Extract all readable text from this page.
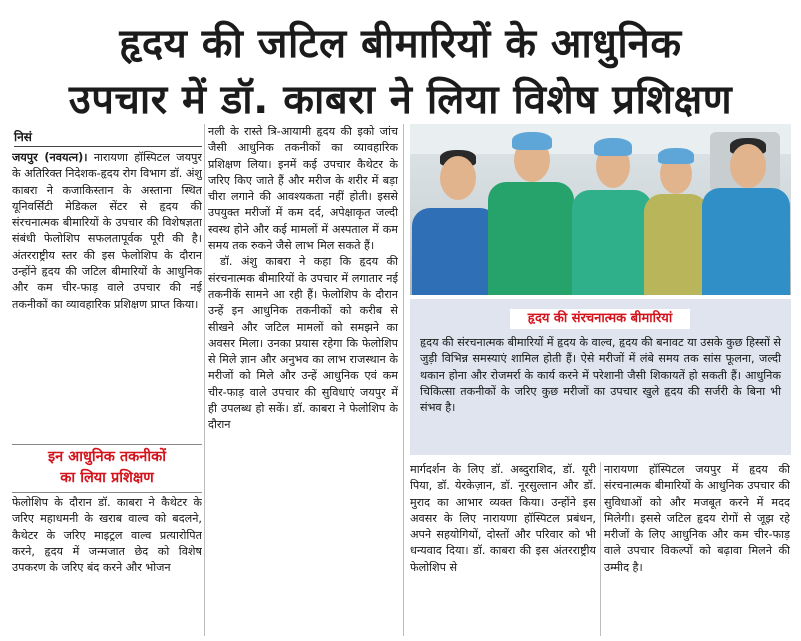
हृदय की जटिल बीमारियों के आधुनिक
उपचार में डॉ. काबरा ने लिया विशेष प्रशिक्षण
निसं

जयपुर (नवयत्न)। नारायणा हॉस्पिटल जयपुर के अतिरिक्त निदेशक-हृदय रोग विभाग डॉ. अंशु काबरा ने कजाकिस्तान के अस्ताना स्थित यूनिवर्सिटी मेडिकल सेंटर से हृदय की संरचनात्मक बीमारियों के उपचार की विशेषज्ञता संबंधी फेलोशिप सफलतापूर्वक पूरी की है। अंतरराष्ट्रीय स्तर की इस फेलोशिप के दौरान उन्होंने हृदय की जटिल बीमारियों के आधुनिक और कम चीर-फाड़ वाले उपचार की नई तकनीकों का व्यावहारिक प्रशिक्षण प्राप्त किया।

इन आधुनिक तकनीकों
का लिया प्रशिक्षण

फेलोशिप के दौरान डॉ. काबरा ने कैथेटर के जरिए महाधमनी के खराब वाल्व को बदलने, कैथेटर के जरिए माइट्रल वाल्व प्रत्यारोपित करने, हृदय में जन्मजात छेद को विशेष उपकरण के जरिए बंद करने और भोजन

नली के रास्ते त्रि-आयामी हृदय की इको जांच जैसी आधुनिक तकनीकों का व्यावहारिक प्रशिक्षण लिया। इनमें कई उपचार कैथेटर के जरिए किए जाते हैं और मरीज के शरीर में बड़ा चीरा लगाने की आवश्यकता नहीं होती। इससे उपयुक्त मरीजों में कम दर्द, अपेक्षाकृत जल्दी स्वस्थ होने और कई मामलों में अस्पताल में कम समय तक रुकने जैसे लाभ मिल सकते हैं।

डॉ. अंशु काबरा ने कहा कि हृदय की संरचनात्मक बीमारियों के उपचार में लगातार नई तकनीकें सामने आ रही हैं। फेलोशिप के दौरान उन्हें इन आधुनिक तकनीकों को करीब से सीखने और जटिल मामलों को समझने का अवसर मिला। उनका प्रयास रहेगा कि फेलोशिप से मिले ज्ञान और अनुभव का लाभ राजस्थान के मरीजों को मिले और उन्हें आधुनिक एवं कम चीर-फाड़ वाले उपचार की सुविधाएं जयपुर में ही उपलब्ध हो सकें। डॉ. काबरा ने फेलोशिप के दौरान

हृदय की संरचनात्मक बीमारियां
हृदय की संरचनात्मक बीमारियों में हृदय के वाल्व, हृदय की बनावट या उसके कुछ हिस्सों से जुड़ी विभिन्न समस्याएं शामिल होती हैं। ऐसे मरीजों में लंबे समय तक सांस फूलना, जल्दी थकान होना और रोजमर्रा के कार्य करने में परेशानी जैसी शिकायतें हो सकती हैं। आधुनिक चिकित्सा तकनीकों के जरिए कुछ मरीजों का उपचार खुले हृदय की सर्जरी के बिना भी संभव है।

मार्गदर्शन के लिए डॉ. अब्दुराशिद, डॉ. यूरी पिया, डॉ. येरकेज़ान, डॉ. नूरसुल्तान और डॉ. मुराद का आभार व्यक्त किया। उन्होंने इस अवसर के लिए नारायणा हॉस्पिटल प्रबंधन, अपने सहयोगियों, दोस्तों और परिवार को भी धन्यवाद दिया। डॉ. काबरा की इस अंतरराष्ट्रीय फेलोशिप से

नारायणा हॉस्पिटल जयपुर में हृदय की संरचनात्मक बीमारियों के आधुनिक उपचार की सुविधाओं को और मजबूत करने में मदद मिलेगी। इससे जटिल हृदय रोगों से जूझ रहे मरीजों के लिए आधुनिक और कम चीर-फाड़ वाले उपचार विकल्पों को बढ़ावा मिलने की उम्मीद है।
